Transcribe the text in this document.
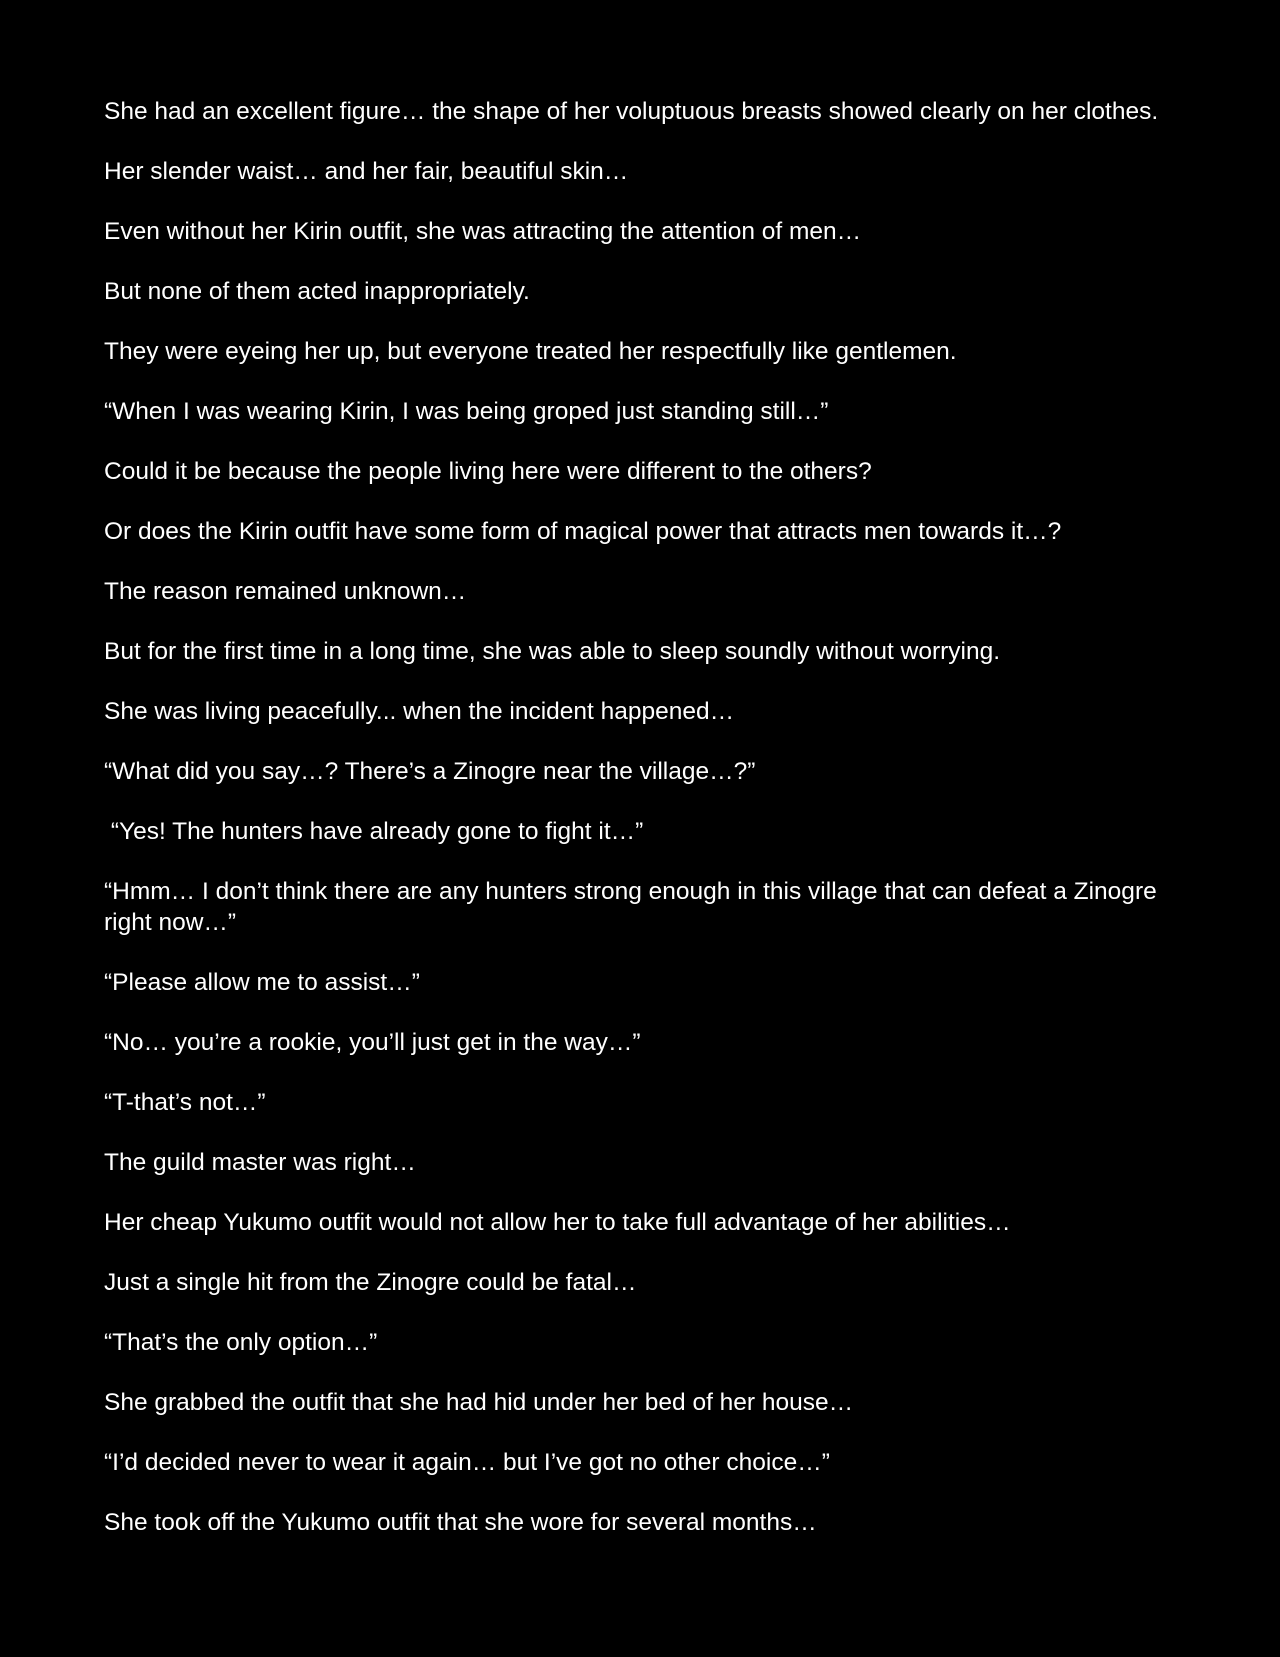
She had an excellent figure… the shape of her voluptuous breasts showed clearly on her clothes.

Her slender waist… and her fair, beautiful skin…

Even without her Kirin outfit, she was attracting the attention of men…

But none of them acted inappropriately.

They were eyeing her up, but everyone treated her respectfully like gentlemen.

“When I was wearing Kirin, I was being groped just standing still…”

Could it be because the people living here were different to the others?

Or does the Kirin outfit have some form of magical power that attracts men towards it…?

The reason remained unknown…

But for the first time in a long time, she was able to sleep soundly without worrying.

She was living peacefully... when the incident happened…

“What did you say…? There’s a Zinogre near the village…?”

“Yes! The hunters have already gone to fight it…”

“Hmm… I don’t think there are any hunters strong enough in this village that can defeat a Zinogre right now…”

“Please allow me to assist…”

“No… you’re a rookie, you’ll just get in the way…”

“T-that’s not…”

The guild master was right…

Her cheap Yukumo outfit would not allow her to take full advantage of her abilities…

Just a single hit from the Zinogre could be fatal…

“That’s the only option…”

She grabbed the outfit that she had hid under her bed of her house…

“I’d decided never to wear it again… but I’ve got no other choice…”

She took off the Yukumo outfit that she wore for several months…
